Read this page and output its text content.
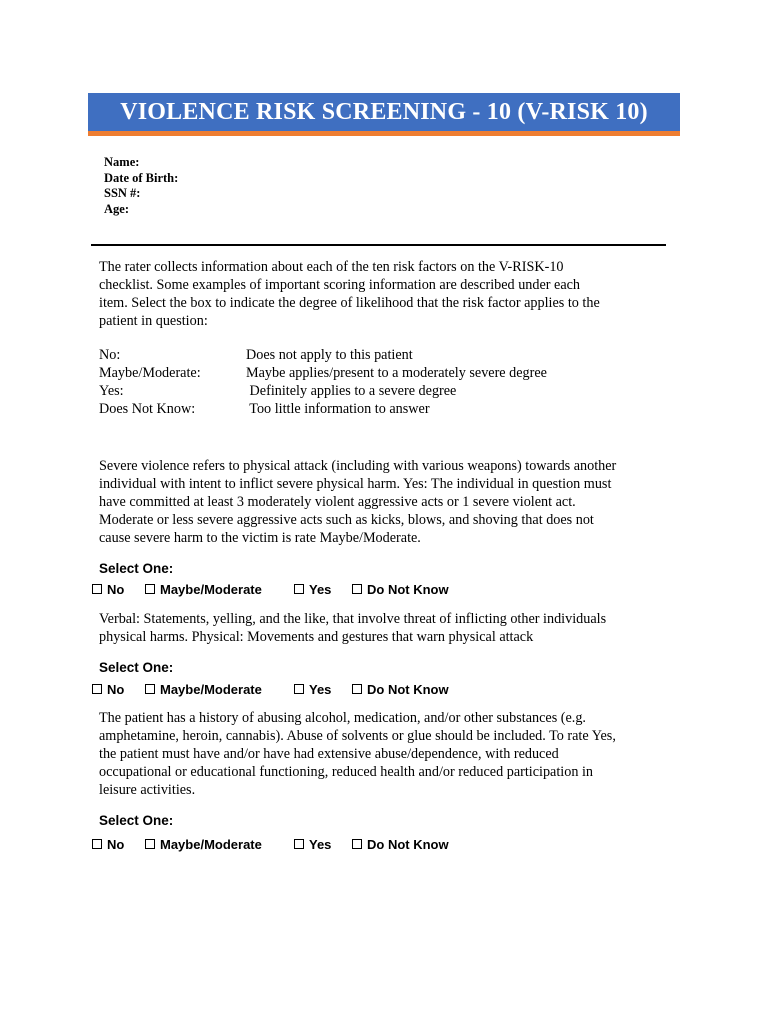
VIOLENCE RISK SCREENING - 10 (V-RISK 10)
Name:
Date of Birth:
SSN #:
Age:

The rater collects information about each of the ten risk factors on the V-RISK-10
checklist. Some examples of important scoring information are described under each
item. Select the box to indicate the degree of likelihood that the risk factor applies to the
patient in question:

No:	Does not apply to this patient
Maybe/Moderate:	Maybe applies/present to a moderately severe degree
Yes:	Definitely applies to a severe degree
Does Not Know:	Too little information to answer

Severe violence refers to physical attack (including with various weapons) towards another
individual with intent to inflict severe physical harm. Yes: The individual in question must
have committed at least 3 moderately violent aggressive acts or 1 severe violent act.
Moderate or less severe aggressive acts such as kicks, blows, and shoving that does not
cause severe harm to the victim is rate Maybe/Moderate.

Select One:
No	Maybe/Moderate	Yes	Do Not Know

Verbal: Statements, yelling, and the like, that involve threat of inflicting other individuals
physical harms. Physical: Movements and gestures that warn physical attack

Select One:
No	Maybe/Moderate	Yes	Do Not Know

The patient has a history of abusing alcohol, medication, and/or other substances (e.g.
amphetamine, heroin, cannabis). Abuse of solvents or glue should be included. To rate Yes,
the patient must have and/or have had extensive abuse/dependence, with reduced
occupational or educational functioning, reduced health and/or reduced participation in
leisure activities.

Select One:
No	Maybe/Moderate	Yes	Do Not Know
